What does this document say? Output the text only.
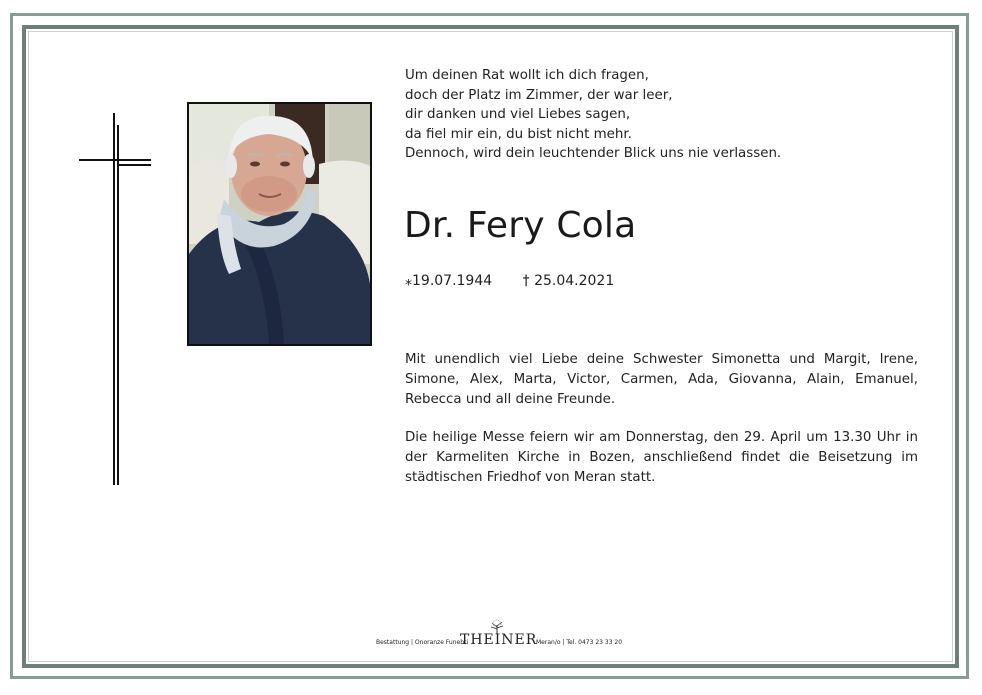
Um deinen Rat wollt ich dich fragen,
doch der Platz im Zimmer, der war leer,
dir danken und viel Liebes sagen,
da fiel mir ein, du bist nicht mehr.
Dennoch, wird dein leuchtender Blick uns nie verlassen.
Dr. Fery Cola
⁎19.07.1944 † 25.04.2021
Mit unendlich viel Liebe deine Schwester Simonetta und Margit, Irene, Simone, Alex, Marta, Victor, Carmen, Ada, Giovanna, Alain, Emanuel, Rebecca und all deine Freunde.
Die heilige Messe feiern wir am Donnerstag, den 29. April um 13.30 Uhr in der Karmeliten Kirche in Bozen, anschließend findet die Beisetzung im städtischen Friedhof von Meran statt.
Bestattung | Onoranze Funebri
THEINER
Meran/o | Tel. 0473 23 33 20
